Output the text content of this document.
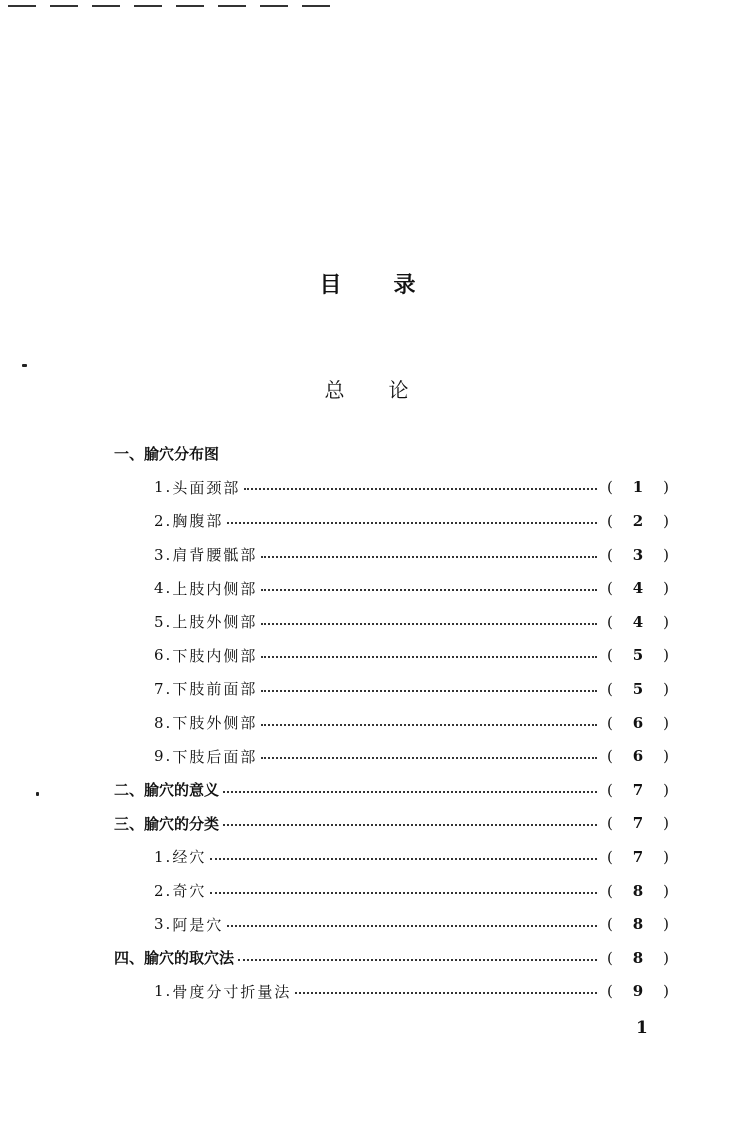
目录
总论
一、 腧穴分布图
1. 头面颈部	( 1 )
2. 胸腹部	( 2 )
3. 肩背腰骶部	( 3 )
4. 上肢内侧部	( 4 )
5. 上肢外侧部	( 4 )
6. 下肢内侧部	( 5 )
7. 下肢前面部	( 5 )
8. 下肢外侧部	( 6 )
9. 下肢后面部	( 6 )
二、 腧穴的意义	( 7 )
三、 腧穴的分类	( 7 )
1. 经穴	( 7 )
2. 奇穴	( 8 )
3. 阿是穴	( 8 )
四、 腧穴的取穴法	( 8 )
1. 骨度分寸折量法	( 9 )
1
